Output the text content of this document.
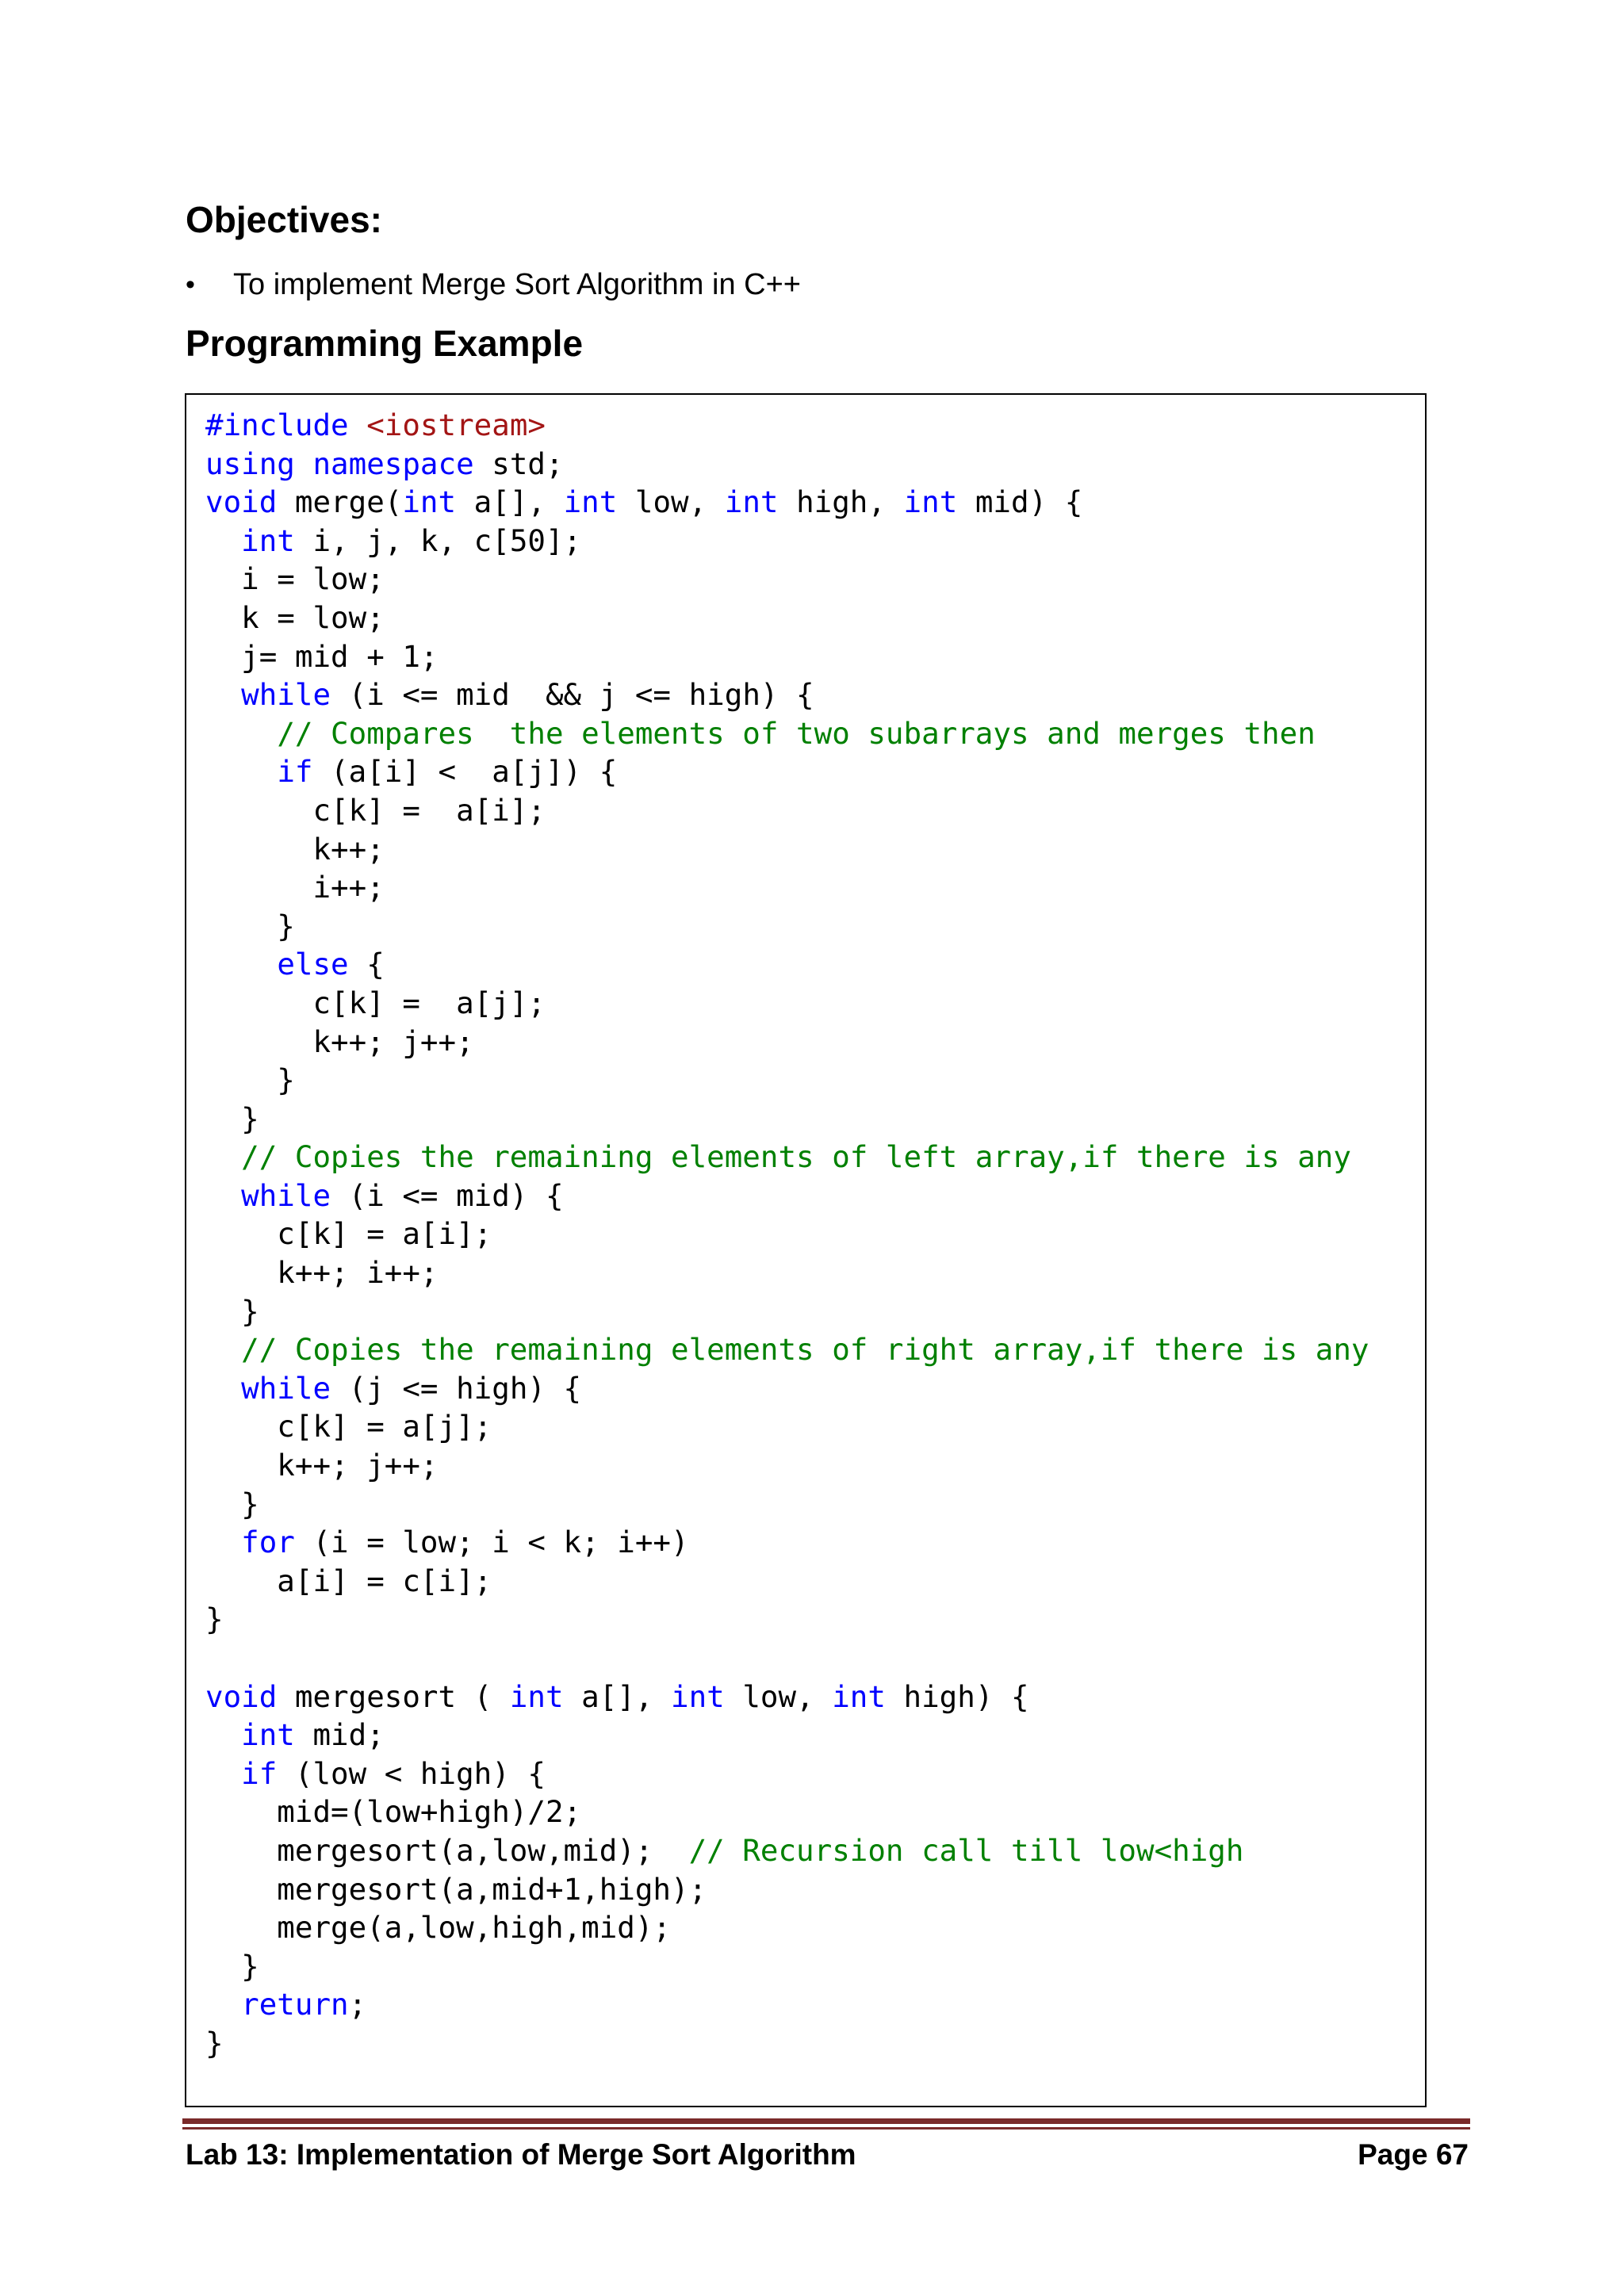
Objectives:
•	To implement Merge Sort Algorithm in C++
Programming Example
#include <iostream>
using namespace std;
void merge(int a[], int low, int high, int mid) {
int i, j, k, c[50];
i = low;
k = low;
j= mid + 1;
while (i <= mid  && j <= high) {
// Compares  the elements of two subarrays and merges then
if (a[i] <  a[j]) {
c[k] =  a[i];
k++;
i++;
}
else {
c[k] =  a[j];
k++; j++;
}
}
// Copies the remaining elements of left array,if there is any
while (i <= mid) {
c[k] = a[i];
k++; i++;
}
// Copies the remaining elements of right array,if there is any
while (j <= high) {
c[k] = a[j];
k++; j++;
}
for (i = low; i < k; i++)
a[i] = c[i];
}
void mergesort ( int a[], int low, int high) {
int mid;
if (low < high) {
mid=(low+high)/2;
mergesort(a,low,mid);  // Recursion call till low<high
mergesort(a,mid+1,high);
merge(a,low,high,mid);
}
return;
}
Lab 13: Implementation of Merge Sort Algorithm	Page 67
